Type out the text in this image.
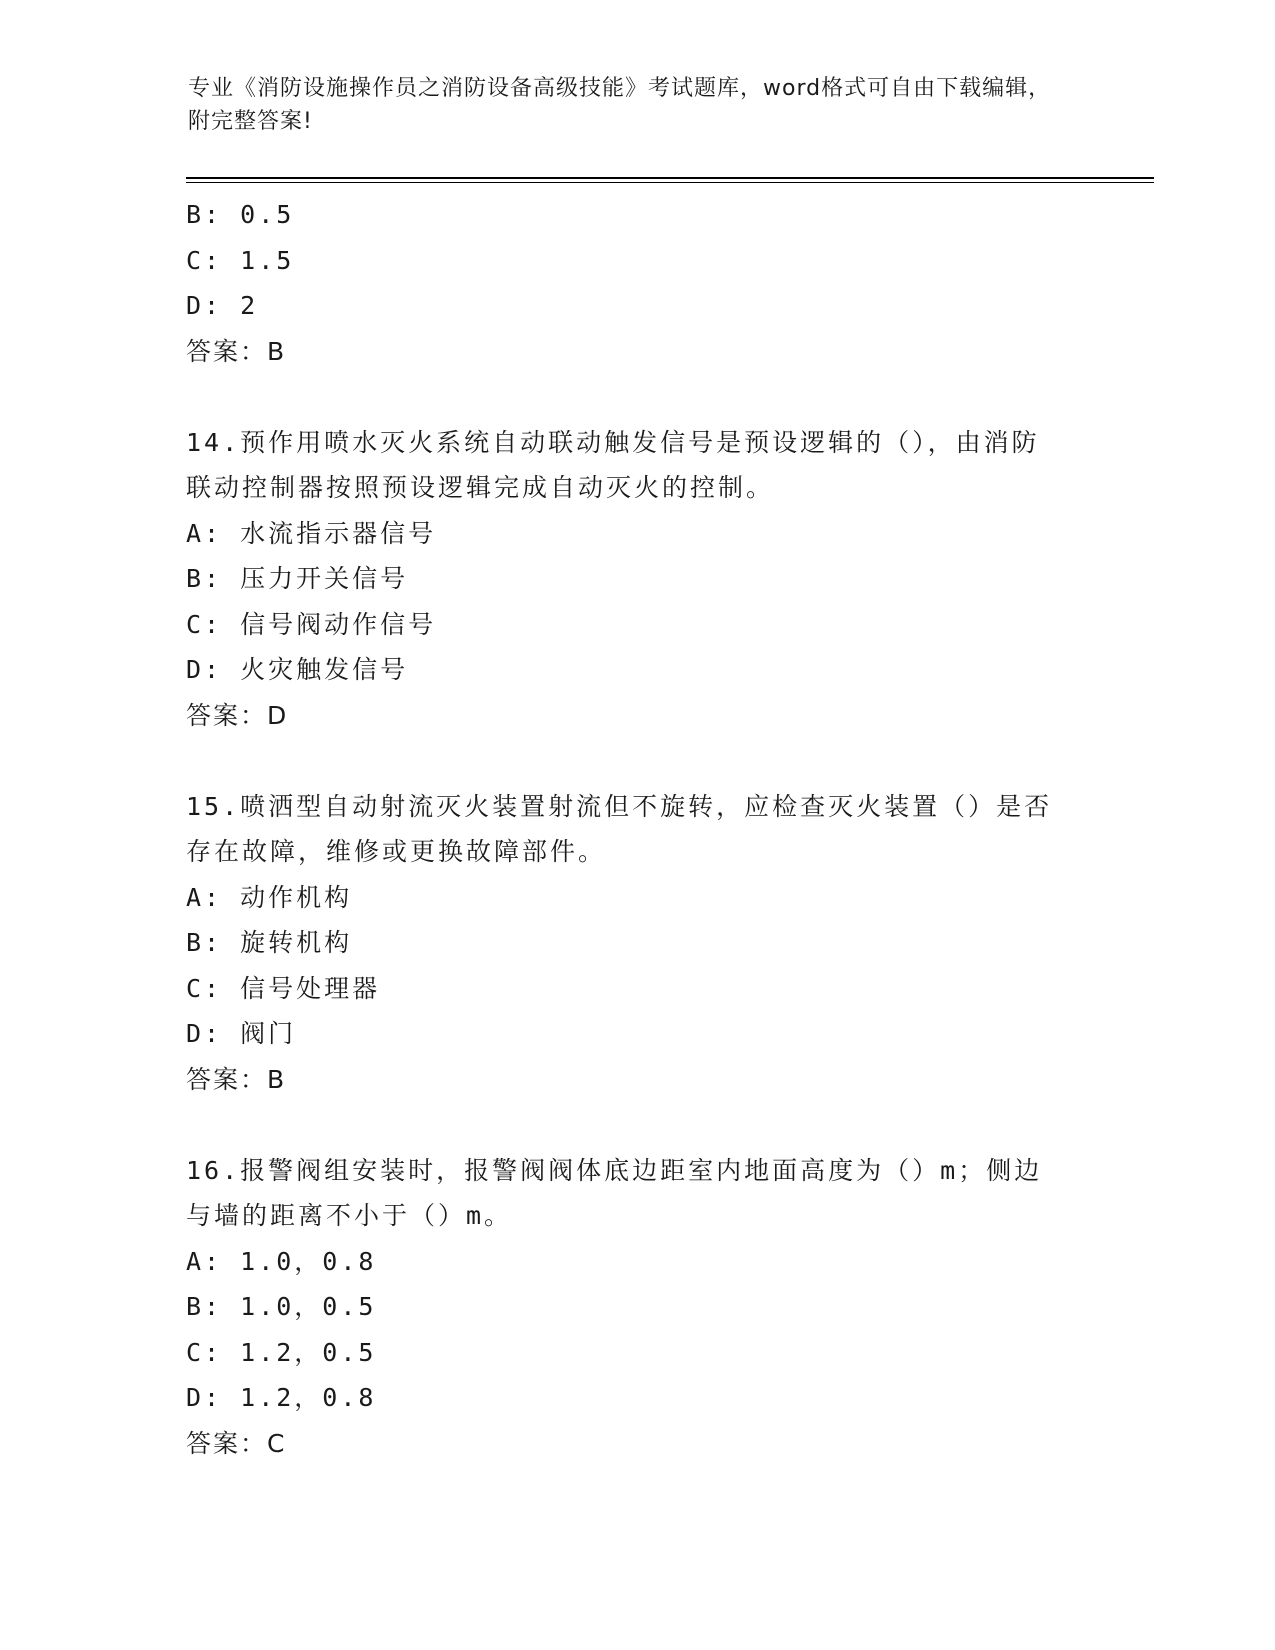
专业《消防设施操作员之消防设备高级技能》考试题库，word格式可自由下载编辑，附完整答案!
B: 0.5
C: 1.5
D: 2
答案：B
14.预作用喷水灭火系统自动联动触发信号是预设逻辑的（），由消防联动控制器按照预设逻辑完成自动灭火的控制。
A: 水流指示器信号
B: 压力开关信号
C: 信号阀动作信号
D: 火灾触发信号
答案：D
15.喷洒型自动射流灭火装置射流但不旋转，应检查灭火装置（）是否存在故障，维修或更换故障部件。
A: 动作机构
B: 旋转机构
C: 信号处理器
D: 阀门
答案：B
16.报警阀组安装时，报警阀阀体底边距室内地面高度为（）m；侧边与墙的距离不小于（）m。
A: 1.0，0.8
B: 1.0，0.5
C: 1.2，0.5
D: 1.2，0.8
答案：C
